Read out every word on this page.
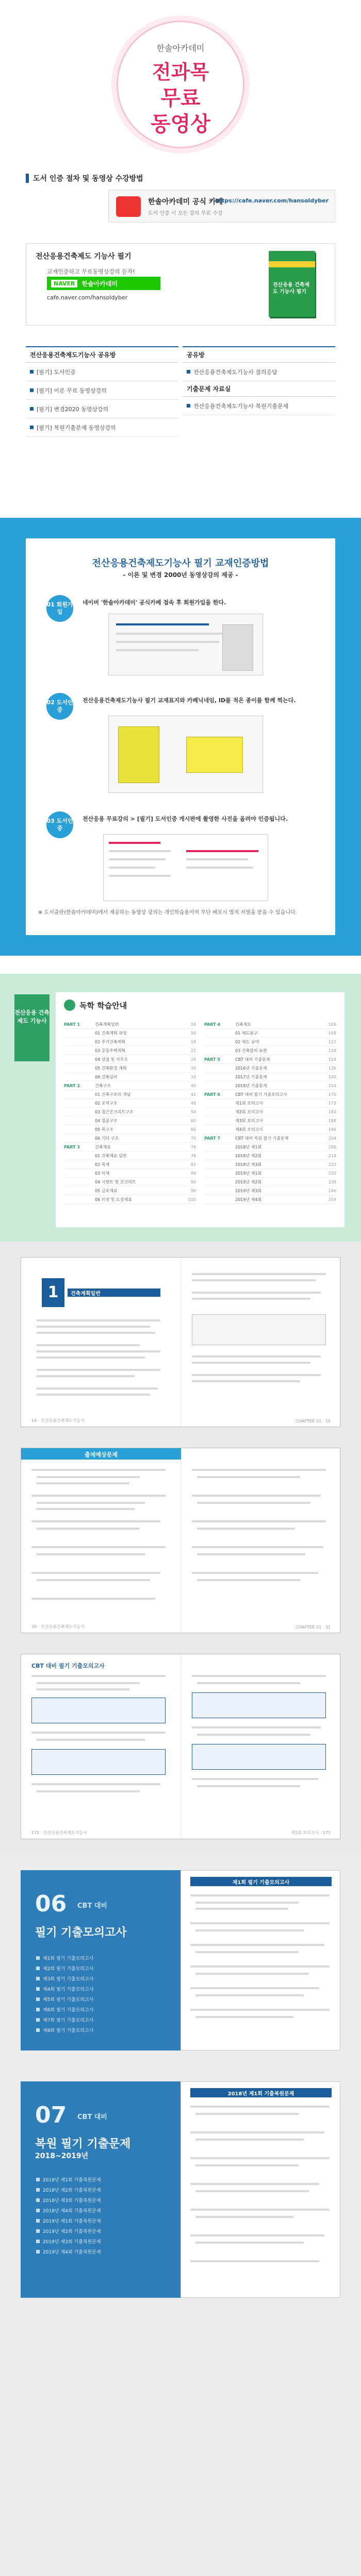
한솔아카데미
전과목
무료
동영상
도서 인증 절차 및 동영상 수강방법
한솔아카데미 공식 카페
도서 인증 시 모든 강의 무료 수강
https://cafe.naver.com/hansoldyber
전산응용건축제도 기능사 필기
교재인증하고 무료동영상강의 듣자!
NAVER	한솔아카데미
cafe.naver.com/hansoldyber
전산응용 건축제도 기능사 필기
전산응용건축제도기능사 공유방
[필기] 도서인증
[필기] 이론 무료 동영상강의
[필기] 변경2020 동영상강의
[필기] 복원기출문제 동영상강의
공유방
전산응용건축제도기능사 질의응답
기출문제 자료실
전산응용건축제도기능사 복원기출문제
전산응용건축제도기능사 필기 교재인증방법
- 이론 및 변경 2000년 동영상강의 제공 -
01 회원가입
네이버 '한솔아카데미' 공식카페 접속 후 회원가입을 한다.
02 도서인증
전산응용건축제도기능사 필기 교재표지와 카페닉네임, ID를 적은 종이를 함께 찍는다.
03 도서인증
전산응용 무료강의 > [필기] 도서인증 게시판에 촬영한 사진을 올려야 인증됩니다.
※ 도서출판(한솔아카데미)에서 제공하는 동영상 강의는 개인학습용이며 무단 배포시 법적 처벌을 받을 수 있습니다.
전산응용 건축제도 기능사
독학 학습안내
PART 1	건축계획일반	14
01 건축계획 과정	16
02 주거건축계획	18
03 공동주택계획	22
04 상점 및 사무소	26
05 건축환경 계획	30
06 건축설비	34
PART 2	건축구조	40
01 건축구조의 개념	42
02 조적구조	48
03 철근콘크리트구조	54
04 철골구조	60
05 목구조	66
06 기타 구조	70
PART 3	건축재료	76
01 건축재료 일반	78
02 목재	82
03 석재	86
04 시멘트 및 콘크리트	90
05 금속재료	96
06 미장 및 도장재료	100
PART 4	건축제도	106
01 제도용구	108
02 제도 규약	112
03 건축물의 표현	118
PART 5	CBT 대비 기출문제	124
2016년 기출문제	126
2017년 기출문제	140
2018년 기출문제	154
PART 6	CBT 대비 필기 기출모의고사	170
제1회 모의고사	172
제2회 모의고사	180
제3회 모의고사	188
제4회 모의고사	196
PART 7	CBT 대비 복원 필기 기출문제	204
2018년 제1회	206
2018년 제2회	214
2018년 제3회	222
2019년 제1회	230
2019년 제2회	238
2019년 제3회	246
2019년 제4회	254
1	건축계획일반
14 · 전산응용건축제도기능사	CHAPTER 01 · 15
출제예상문제
30 · 전산응용건축제도기능사	CHAPTER 01 · 31
CBT 대비 필기 기출모의고사
172 · 전산응용건축제도기능사	제1회 모의고사 · 173
06 CBT 대비
필기 기출모의고사
제1회 필기 기출모의고사
제2회 필기 기출모의고사
제3회 필기 기출모의고사
제4회 필기 기출모의고사
제5회 필기 기출모의고사
제6회 필기 기출모의고사
제7회 필기 기출모의고사
제8회 필기 기출모의고사
제1회 필기 기출모의고사
07 CBT 대비
복원 필기 기출문제
2018~2019년
2018년 제1회 기출복원문제
2018년 제2회 기출복원문제
2018년 제3회 기출복원문제
2018년 제4회 기출복원문제
2019년 제1회 기출복원문제
2019년 제2회 기출복원문제
2019년 제3회 기출복원문제
2019년 제4회 기출복원문제
2018년 제1회 기출복원문제
